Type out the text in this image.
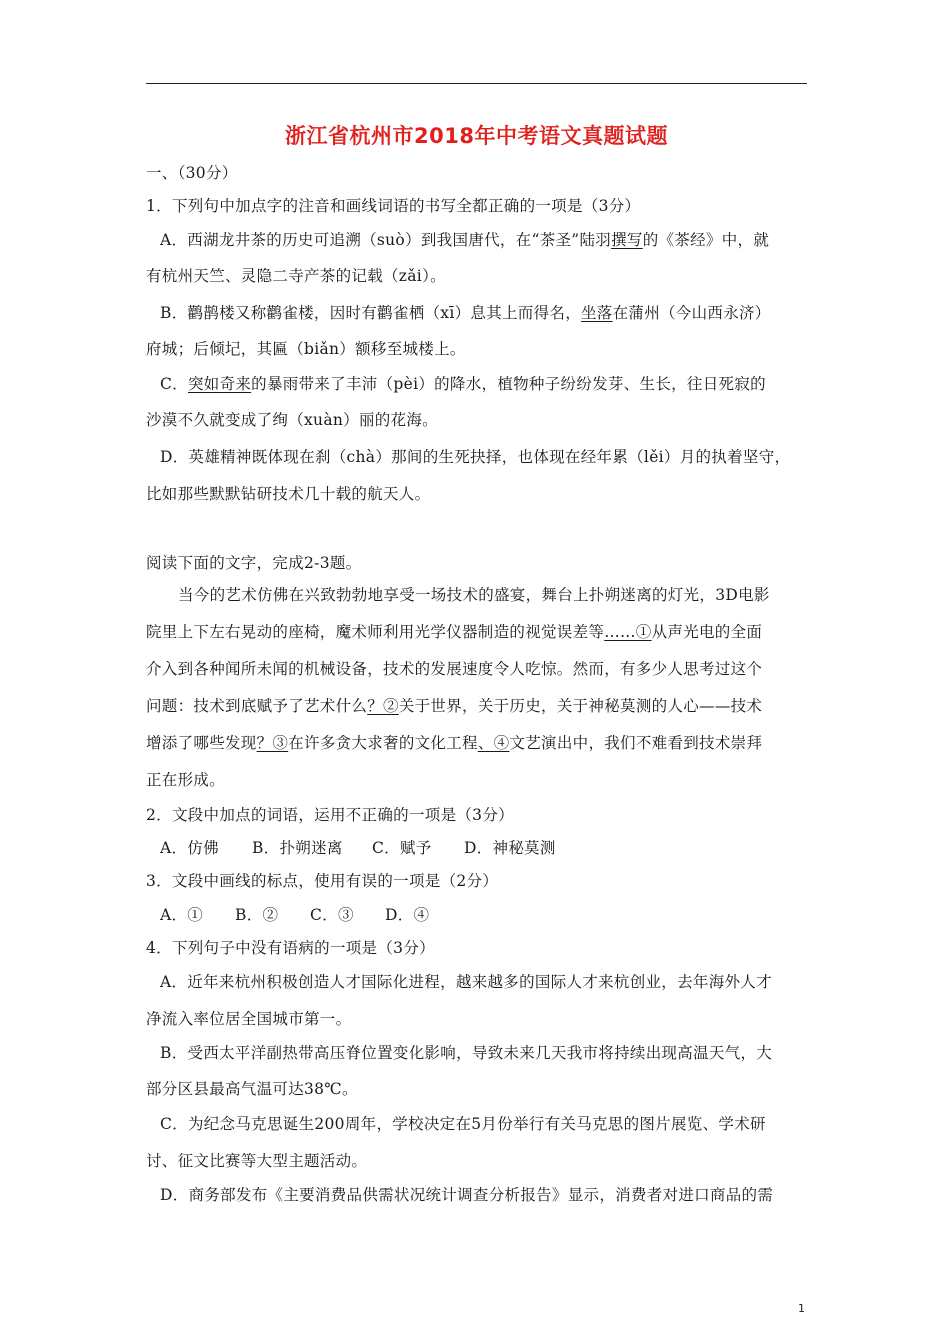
浙江省杭州市2018年中考语文真题试题
一、（30分）
1．下列句中加点字的注音和画线词语的书写全都正确的一项是（3分）
A．西湖龙井茶的历史可追溯（suò）到我国唐代，在“茶圣”陆羽撰写的《茶经》中，就
有杭州天竺、灵隐二寺产茶的记载（zǎi）。
B．鹳鹊楼又称鹳雀楼，因时有鹳雀栖（xī）息其上而得名，坐落在蒲州（今山西永济）
府城；后倾圮，其匾（biǎn）额移至城楼上。
C．突如奇来的暴雨带来了丰沛（pèi）的降水，植物种子纷纷发芽、生长，往日死寂的
沙漠不久就变成了绚（xuàn）丽的花海。
D．英雄精神既体现在刹（chà）那间的生死抉择，也体现在经年累（lěi）月的执着坚守，
比如那些默默钻研技术几十载的航天人。
阅读下面的文字，完成2-3题。
当今的艺术仿佛在兴致勃勃地享受一场技术的盛宴，舞台上扑朔迷离的灯光，3D电影
院里上下左右晃动的座椅，魔术师利用光学仪器制造的视觉误差等……①从声光电的全面
介入到各种闻所未闻的机械设备，技术的发展速度令人吃惊。然而，有多少人思考过这个
问题：技术到底赋予了艺术什么？②关于世界，关于历史，关于神秘莫测的人心——技术
增添了哪些发现？③在许多贪大求奢的文化工程、④文艺演出中，我们不难看到技术崇拜
正在形成。
2．文段中加点的词语，运用不正确的一项是（3分）
A．仿佛 B．扑朔迷离 C．赋予 D．神秘莫测
3．文段中画线的标点，使用有误的一项是（2分）
A．① B．② C．③ D．④
4．下列句子中没有语病的一项是（3分）
A．近年来杭州积极创造人才国际化进程，越来越多的国际人才来杭创业，去年海外人才
净流入率位居全国城市第一。
B．受西太平洋副热带高压脊位置变化影响，导致未来几天我市将持续出现高温天气，大
部分区县最高气温可达38℃。
C．为纪念马克思诞生200周年，学校决定在5月份举行有关马克思的图片展览、学术研
讨、征文比赛等大型主题活动。
D．商务部发布《主要消费品供需状况统计调查分析报告》显示，消费者对进口商品的需
1
